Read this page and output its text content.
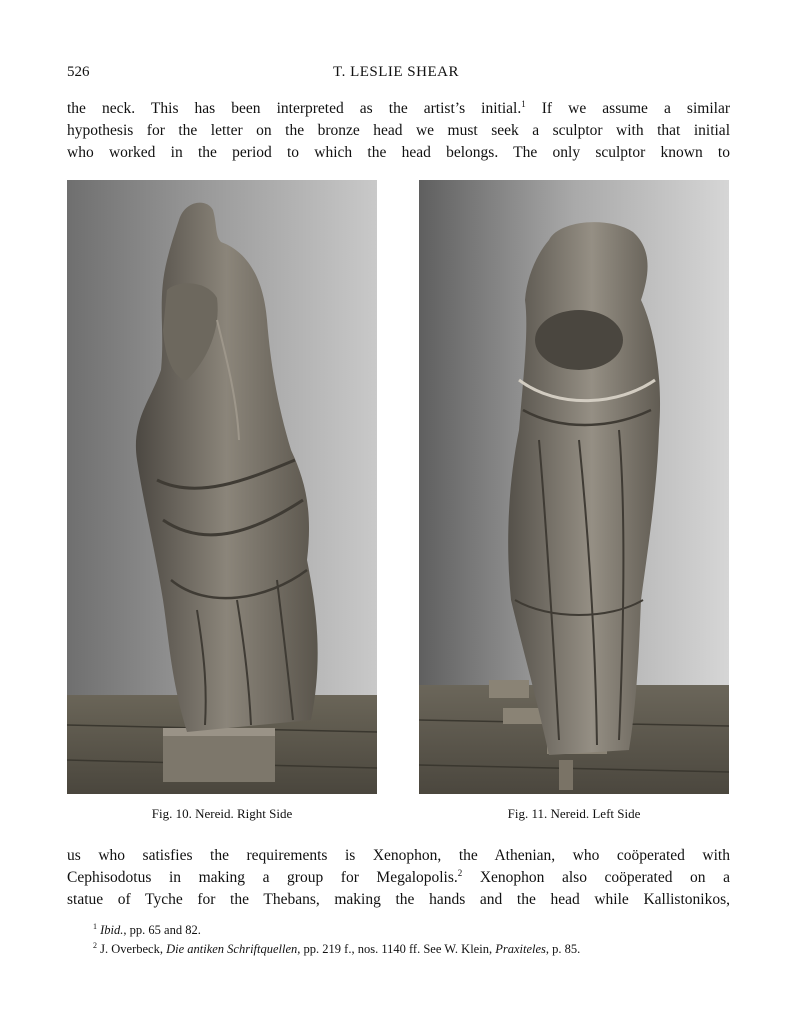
526	T. LESLIE SHEAR
the neck. This has been interpreted as the artist’s initial.$^1$ If we assume a similar
hypothesis for the letter on the bronze head we must seek a sculptor with that initial
who worked in the period to which the head belongs. The only sculptor known to
Fig. 10. Nereid. Right Side	Fig. 11. Nereid. Left Side
us who satisfies the requirements is Xenophon, the Athenian, who coöperated with
Cephisodotus in making a group for Megalopolis.$^2$ Xenophon also coöperated on a
statue of Tyche for the Thebans, making the hands and the head while Kallistonikos,
$^1$ Ibid., pp. 65 and 82.
$^2$ J. Overbeck, Die antiken Schriftquellen, pp. 219 f., nos. 1140 ff. See W. Klein, Praxiteles, p. 85.
